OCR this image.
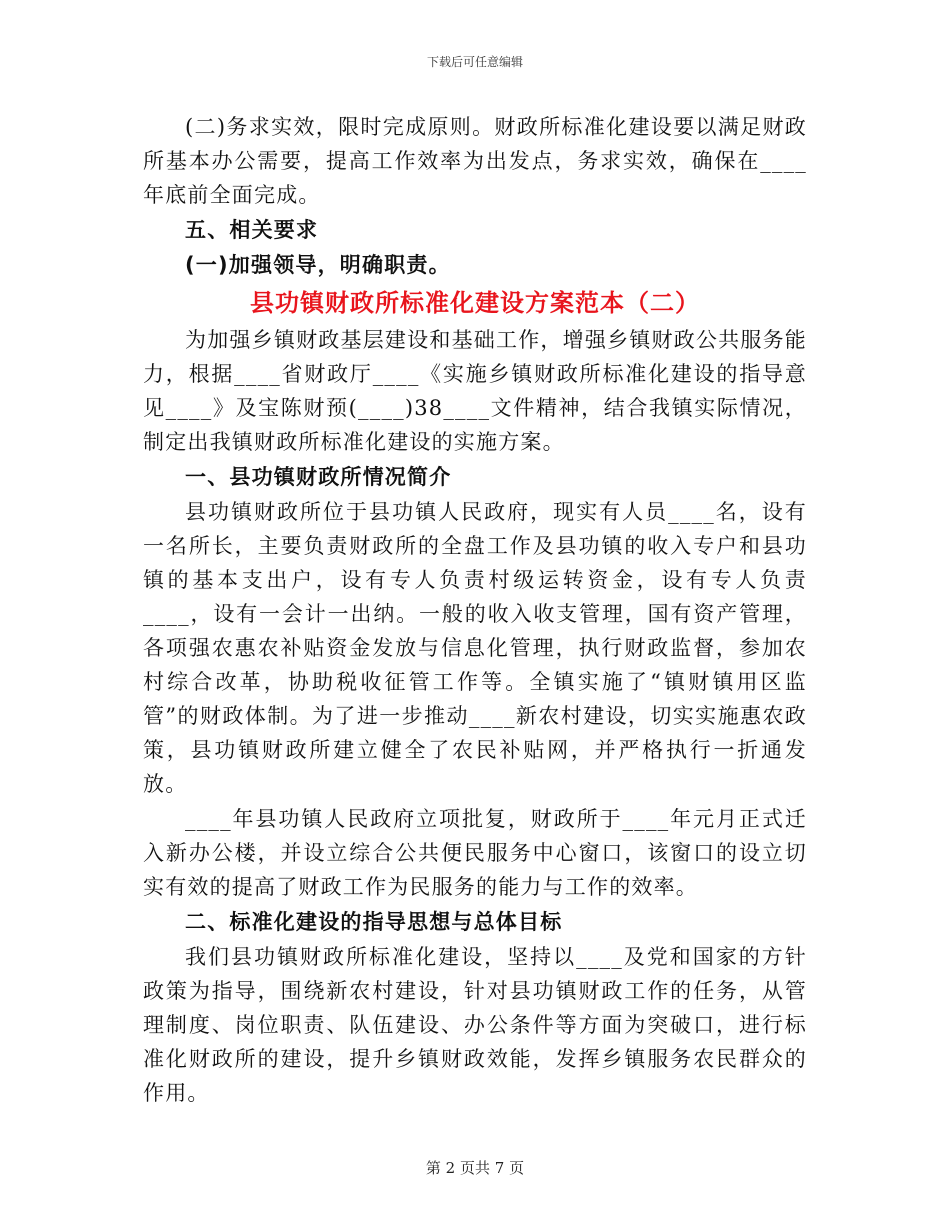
下载后可任意编辑

(二)务求实效，限时完成原则。财政所标准化建设要以满足财政所基本办公需要，提高工作效率为出发点，务求实效，确保在____年底前全面完成。

五、相关要求

(一)加强领导，明确职责。

县功镇财政所标准化建设方案范本（二）

为加强乡镇财政基层建设和基础工作，增强乡镇财政公共服务能力，根据____省财政厅____《实施乡镇财政所标准化建设的指导意见____》及宝陈财预(____)38____文件精神，结合我镇实际情况，制定出我镇财政所标准化建设的实施方案。

一、县功镇财政所情况简介

县功镇财政所位于县功镇人民政府，现实有人员____名，设有一名所长，主要负责财政所的全盘工作及县功镇的收入专户和县功镇的基本支出户，设有专人负责村级运转资金，设有专人负责____，设有一会计一出纳。一般的收入收支管理，国有资产管理，各项强农惠农补贴资金发放与信息化管理，执行财政监督，参加农村综合改革，协助税收征管工作等。全镇实施了“镇财镇用区监管”的财政体制。为了进一步推动____新农村建设，切实实施惠农政策，县功镇财政所建立健全了农民补贴网，并严格执行一折通发放。

____年县功镇人民政府立项批复，财政所于____年元月正式迁入新办公楼，并设立综合公共便民服务中心窗口，该窗口的设立切实有效的提高了财政工作为民服务的能力与工作的效率。

二、标准化建设的指导思想与总体目标

我们县功镇财政所标准化建设，坚持以____及党和国家的方针政策为指导，围绕新农村建设，针对县功镇财政工作的任务，从管理制度、岗位职责、队伍建设、办公条件等方面为突破口，进行标准化财政所的建设，提升乡镇财政效能，发挥乡镇服务农民群众的作用。

第 2 页共 7 页
